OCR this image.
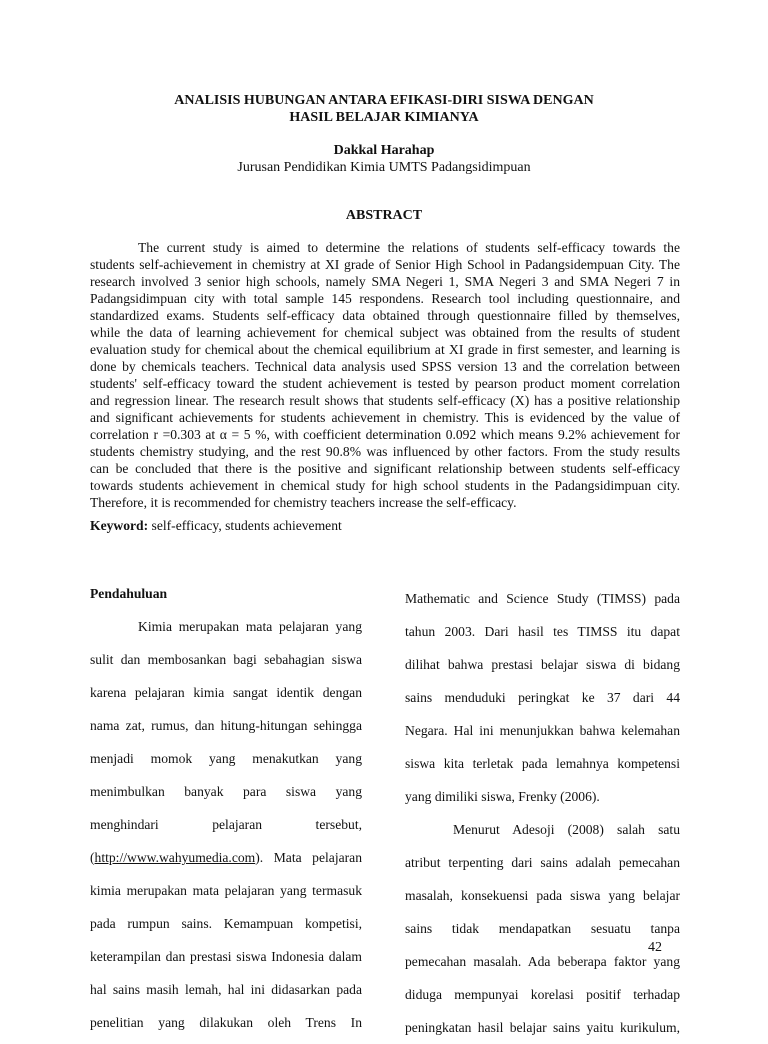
ANALISIS HUBUNGAN ANTARA EFIKASI-DIRI SISWA DENGAN
HASIL BELAJAR KIMIANYA
Dakkal Harahap
Jurusan Pendidikan Kimia UMTS Padangsidimpuan
ABSTRACT
The current study is aimed to determine the relations of students self-efficacy towards the
students self-achievement in chemistry at XI grade of Senior High School in Padangsidempuan City. The
research involved 3 senior high schools, namely SMA Negeri 1, SMA Negeri 3 and SMA Negeri 7 in
Padangsidimpuan city with total sample 145 respondens. Research tool including questionnaire, and
standardized exams. Students self-efficacy data obtained through questionnaire filled by themselves,
while the data of learning achievement for chemical subject was obtained from the results of student
evaluation study for chemical about the chemical equilibrium at XI grade in first semester, and learning is
done by chemicals teachers. Technical data analysis used SPSS version 13 and the correlation between
students' self-efficacy toward the student achievement is tested by pearson product moment correlation
and regression linear. The research result shows that students self-efficacy (X) has a positive relationship
and significant achievements for students achievement in chemistry. This is evidenced by the value of
correlation r =0.303 at α = 5 %, with coefficient determination 0.092 which means 9.2% achievement for
students chemistry studying, and the rest 90.8% was influenced by other factors. From the study results
can be concluded that there is the positive and significant relationship between students self-efficacy
towards students achievement in chemical study for high school students in the Padangsidimpuan city.
Therefore, it is recommended for chemistry teachers increase the self-efficacy.
Keyword: self-efficacy, students achievement
Pendahuluan
Kimia merupakan mata pelajaran yang
sulit dan membosankan bagi sebahagian siswa
karena pelajaran kimia sangat identik dengan
nama zat, rumus, dan hitung-hitungan sehingga
menjadi momok yang menakutkan yang
menimbulkan banyak para siswa yang
menghindari pelajaran tersebut,
(http://www.wahyumedia.com). Mata pelajaran
kimia merupakan mata pelajaran yang termasuk
pada rumpun sains. Kemampuan kompetisi,
keterampilan dan prestasi siswa Indonesia dalam
hal sains masih lemah, hal ini didasarkan pada
penelitian yang dilakukan oleh Trens In
Mathematic and Science Study (TIMSS) pada
tahun 2003. Dari hasil tes TIMSS itu dapat
dilihat bahwa prestasi belajar siswa di bidang
sains menduduki peringkat ke 37 dari 44
Negara. Hal ini menunjukkan bahwa kelemahan
siswa kita terletak pada lemahnya kompetensi
yang dimiliki siswa, Frenky (2006).
Menurut Adesoji (2008) salah satu
atribut terpenting dari sains adalah pemecahan
masalah, konsekuensi pada siswa yang belajar
sains tidak mendapatkan sesuatu tanpa
pemecahan masalah. Ada beberapa faktor yang
diduga mempunyai korelasi positif terhadap
peningkatan hasil belajar sains yaitu kurikulum,
42
